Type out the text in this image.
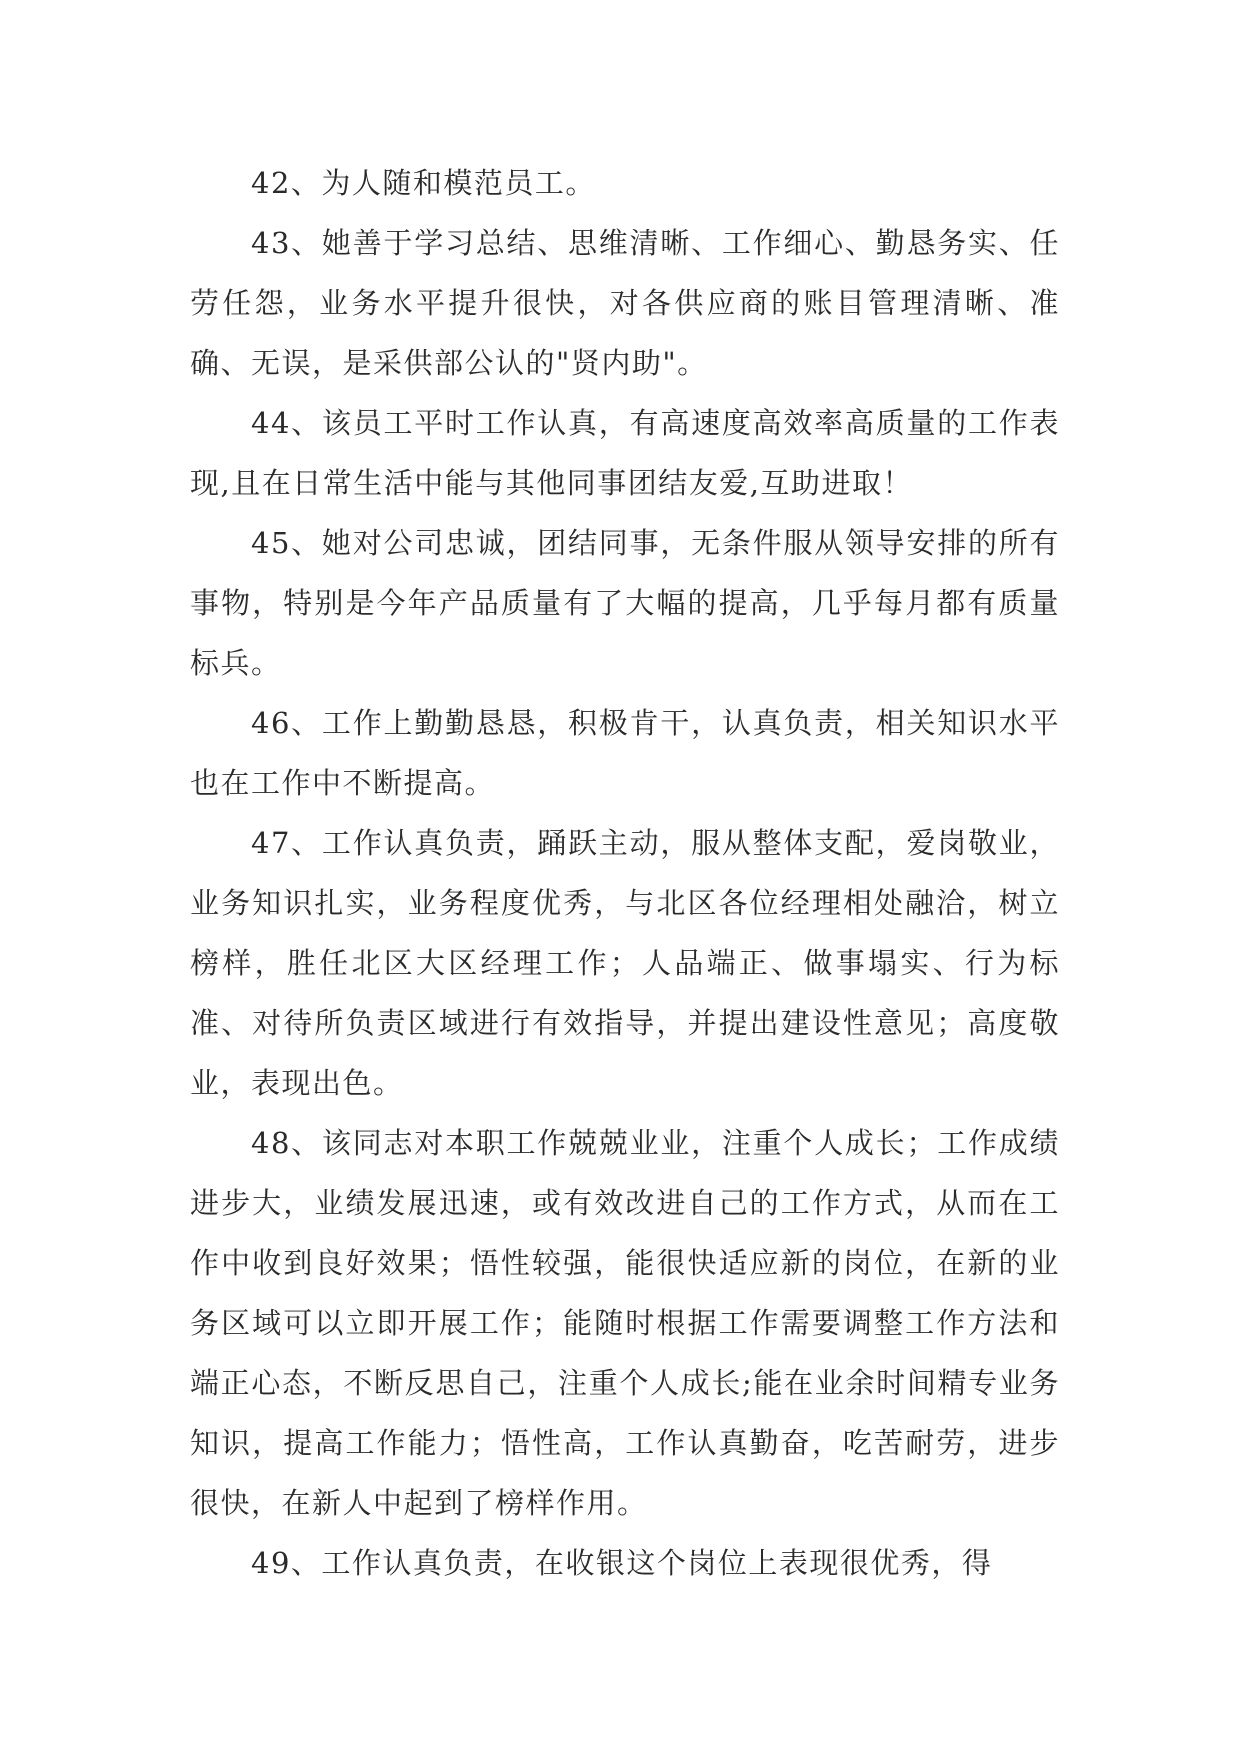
42、为人随和模范员工。

43、她善于学习总结、思维清晰、工作细心、勤恳务实、任劳任怨，业务水平提升很快，对各供应商的账目管理清晰、准确、无误，是采供部公认的"贤内助"。

44、该员工平时工作认真，有高速度高效率高质量的工作表现,且在日常生活中能与其他同事团结友爱,互助进取！

45、她对公司忠诚，团结同事，无条件服从领导安排的所有事物，特别是今年产品质量有了大幅的提高，几乎每月都有质量标兵。

46、工作上勤勤恳恳，积极肯干，认真负责，相关知识水平也在工作中不断提高。

47、工作认真负责，踊跃主动，服从整体支配，爱岗敬业，业务知识扎实，业务程度优秀，与北区各位经理相处融洽，树立榜样，胜任北区大区经理工作；人品端正、做事塌实、行为标准、对待所负责区域进行有效指导，并提出建设性意见；高度敬业，表现出色。

48、该同志对本职工作兢兢业业，注重个人成长；工作成绩进步大，业绩发展迅速，或有效改进自己的工作方式，从而在工作中收到良好效果；悟性较强，能很快适应新的岗位，在新的业务区域可以立即开展工作；能随时根据工作需要调整工作方法和端正心态，不断反思自己，注重个人成长;能在业余时间精专业务知识，提高工作能力；悟性高，工作认真勤奋，吃苦耐劳，进步很快，在新人中起到了榜样作用。

49、工作认真负责，在收银这个岗位上表现很优秀，得
